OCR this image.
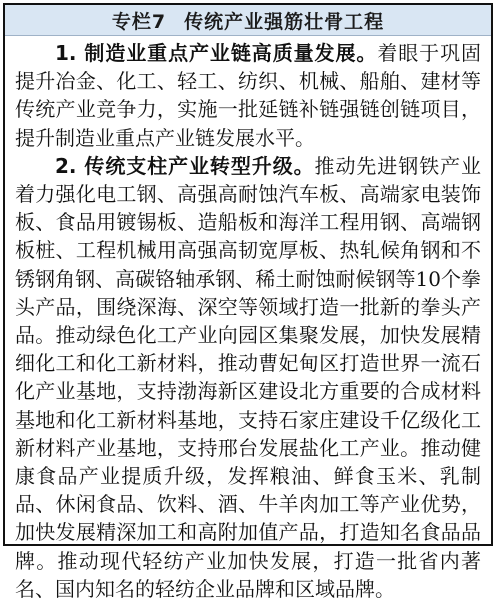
专栏7 传统产业强筋壮骨工程

1. 制造业重点产业链高质量发展。着眼于巩固提升冶金、化工、轻工、纺织、机械、船舶、建材等传统产业竞争力，实施一批延链补链强链创链项目，提升制造业重点产业链发展水平。

2. 传统支柱产业转型升级。推动先进钢铁产业着力强化电工钢、高强高耐蚀汽车板、高端家电装饰板、食品用镀锡板、造船板和海洋工程用钢、高端钢板桩、工程机械用高强高韧宽厚板、热轧候角钢和不锈钢角钢、高碳铬轴承钢、稀土耐蚀耐候钢等10个拳头产品，围绕深海、深空等领域打造一批新的拳头产品。推动绿色化工产业向园区集聚发展，加快发展精细化工和化工新材料，推动曹妃甸区打造世界一流石化产业基地，支持渤海新区建设北方重要的合成材料基地和化工新材料基地，支持石家庄建设千亿级化工新材料产业基地，支持邢台发展盐化工产业。推动健康食品产业提质升级，发挥粮油、鲜食玉米、乳制品、休闲食品、饮料、酒、牛羊肉加工等产业优势，加快发展精深加工和高附加值产品，打造知名食品品牌。推动现代轻纺产业加快发展，打造一批省内著名、国内知名的轻纺企业品牌和区域品牌。
